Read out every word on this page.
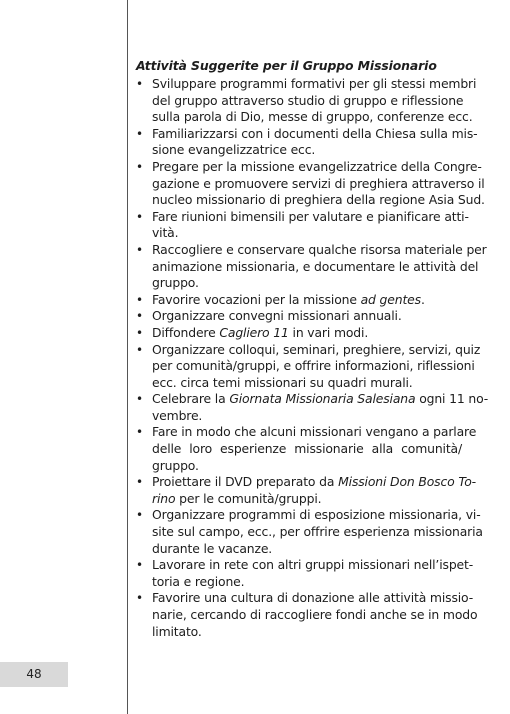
48
Attività Suggerite per il Gruppo Missionario
• Sviluppare programmi formativi per gli stessi membri
del gruppo attraverso studio di gruppo e riflessione
sulla parola di Dio, messe di gruppo, conferenze ecc.
• Familiarizzarsi con i documenti della Chiesa sulla mis-
sione evangelizzatrice ecc.
• Pregare per la missione evangelizzatrice della Congre-
gazione e promuovere servizi di preghiera attraverso il
nucleo missionario di preghiera della regione Asia Sud.
• Fare riunioni bimensili per valutare e pianificare atti-
vità.
• Raccogliere e conservare qualche risorsa materiale per
animazione missionaria, e documentare le attività del
gruppo.
• Favorire vocazioni per la missione ad gentes.
• Organizzare convegni missionari annuali.
• Diffondere Cagliero 11 in vari modi.
• Organizzare colloqui, seminari, preghiere, servizi, quiz
per comunità/gruppi, e offrire informazioni, riflessioni
ecc. circa temi missionari su quadri murali.
• Celebrare la Giornata Missionaria Salesiana ogni 11 no-
vembre.
• Fare in modo che alcuni missionari vengano a parlare
delle loro esperienze missionarie alla comunità/
gruppo.
• Proiettare il DVD preparato da Missioni Don Bosco To-
rino per le comunità/gruppi.
• Organizzare programmi di esposizione missionaria, vi-
site sul campo, ecc., per offrire esperienza missionaria
durante le vacanze.
• Lavorare in rete con altri gruppi missionari nell’ispet-
toria e regione.
• Favorire una cultura di donazione alle attività missio-
narie, cercando di raccogliere fondi anche se in modo
limitato.
